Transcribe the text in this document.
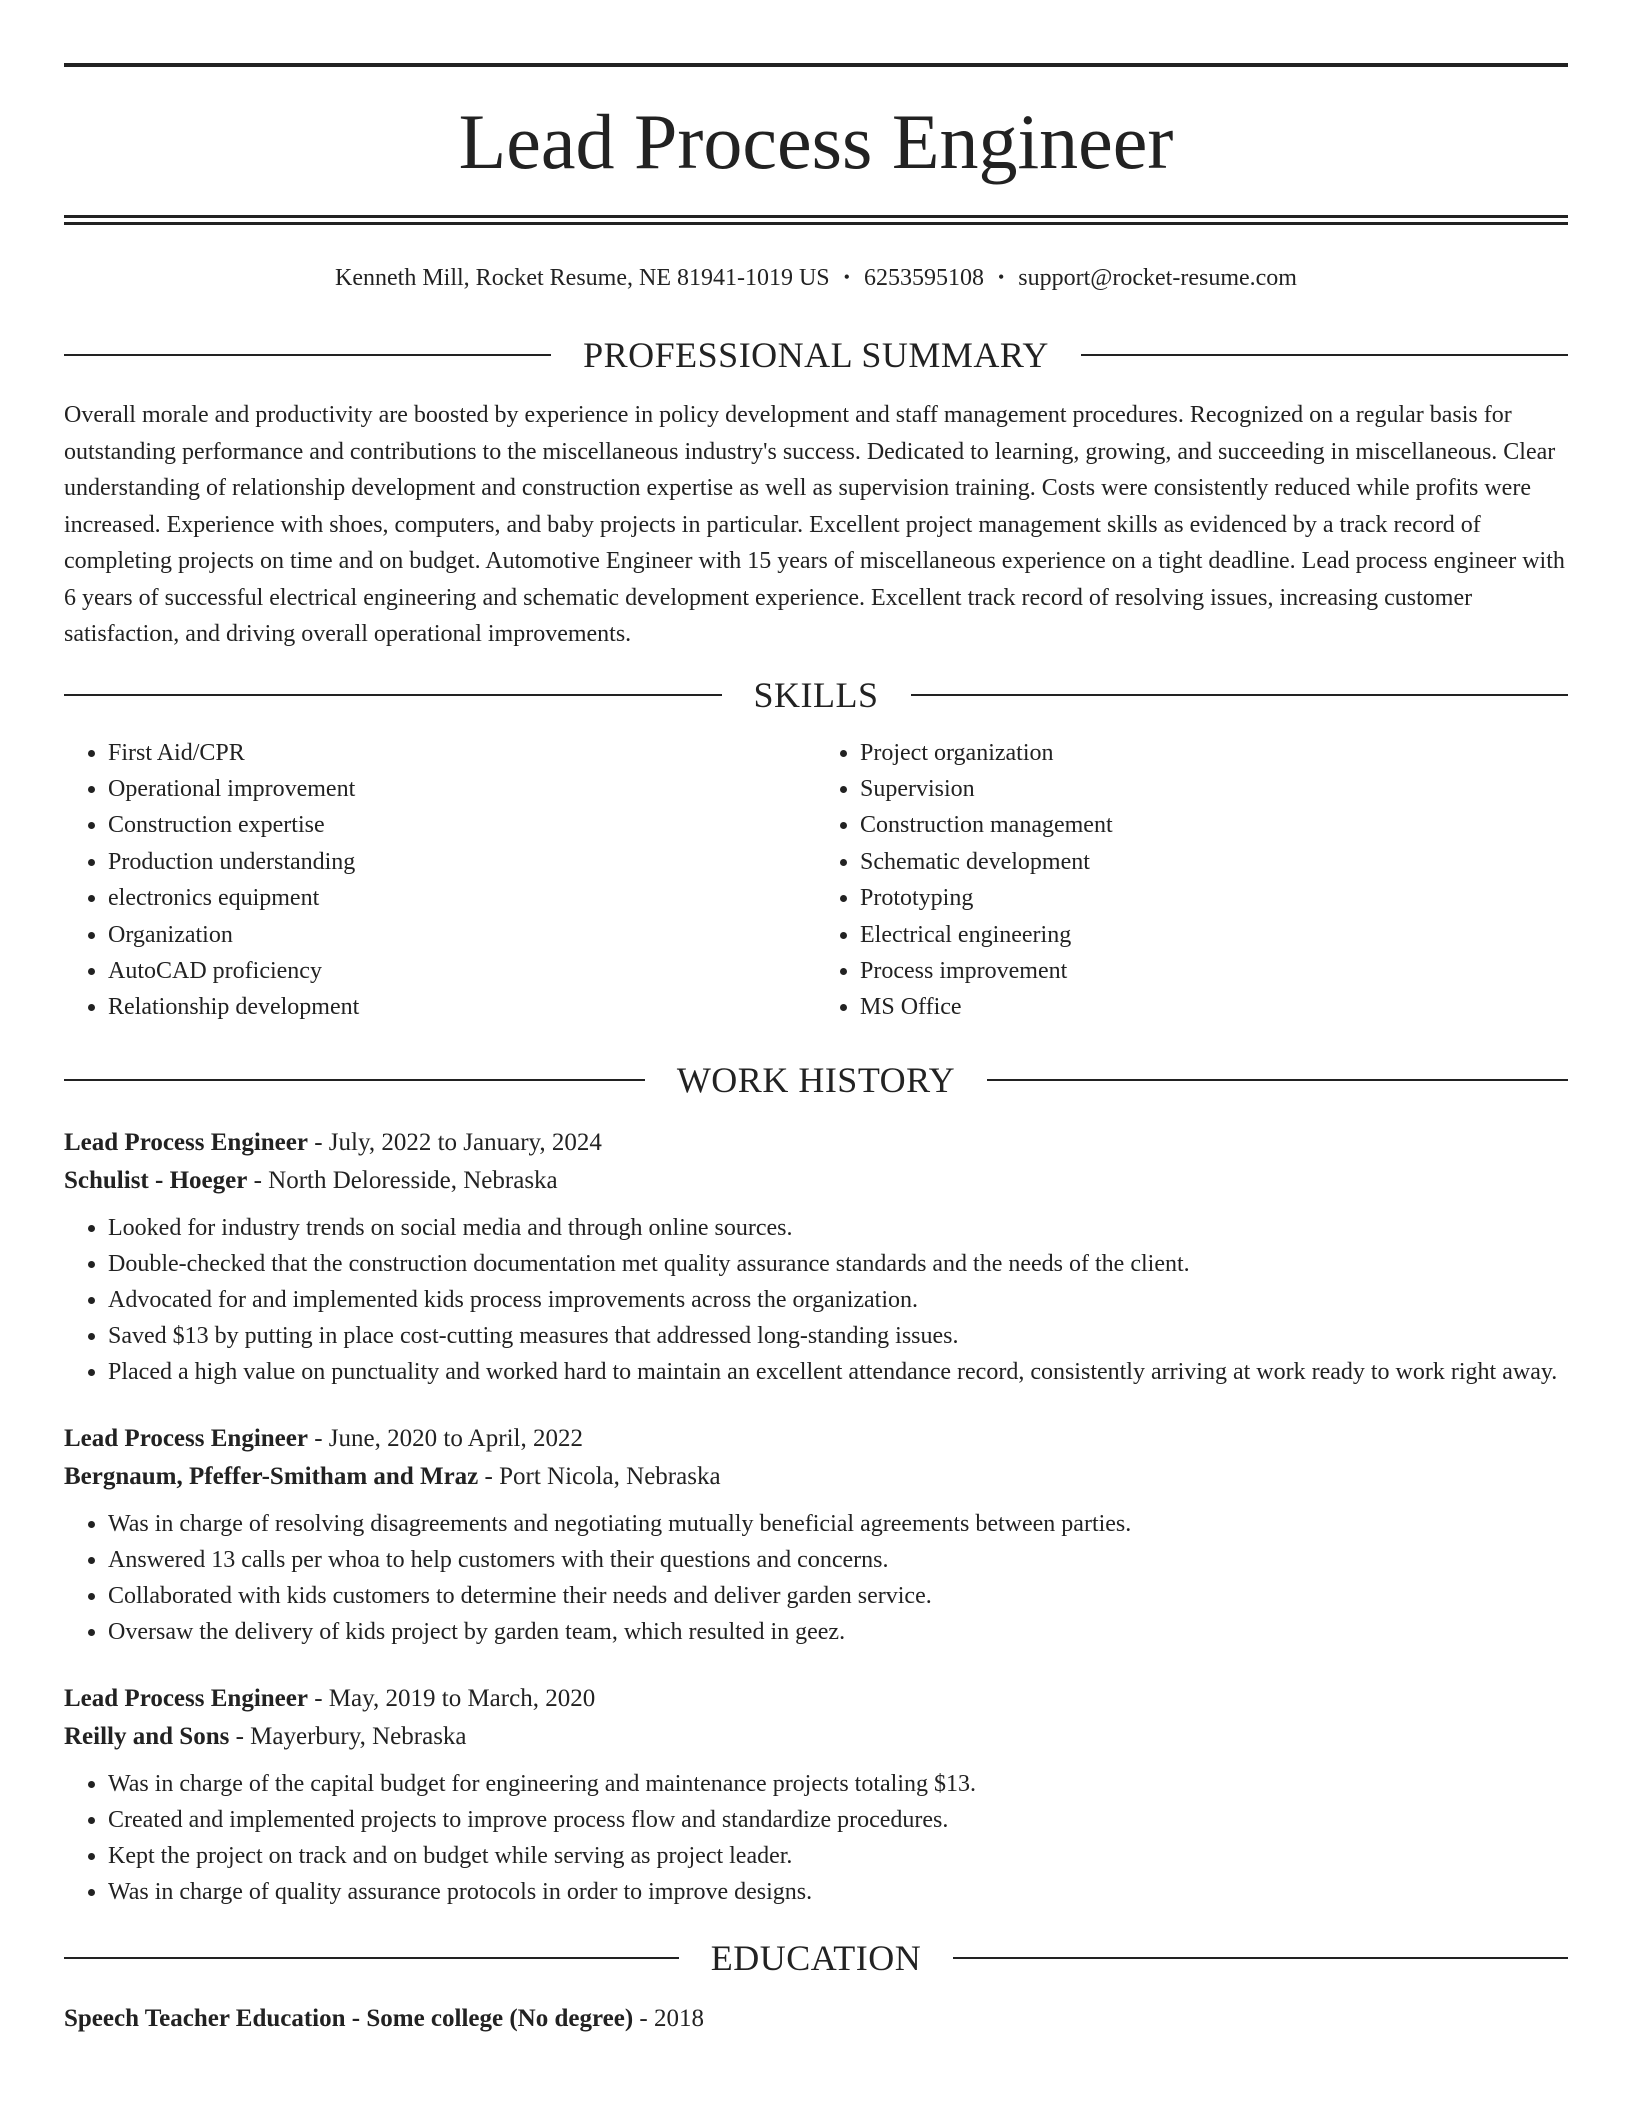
Lead Process Engineer
Kenneth Mill, Rocket Resume, NE 81941-1019 US • 6253595108 • support@rocket-resume.com
PROFESSIONAL SUMMARY

Overall morale and productivity are boosted by experience in policy development and staff management procedures. Recognized on a regular basis for outstanding performance and contributions to the miscellaneous industry's success. Dedicated to learning, growing, and succeeding in miscellaneous. Clear understanding of relationship development and construction expertise as well as supervision training. Costs were consistently reduced while profits were increased. Experience with shoes, computers, and baby projects in particular. Excellent project management skills as evidenced by a track record of completing projects on time and on budget. Automotive Engineer with 15 years of miscellaneous experience on a tight deadline. Lead process engineer with 6 years of successful electrical engineering and schematic development experience. Excellent track record of resolving issues, increasing customer satisfaction, and driving overall operational improvements.

SKILLS
• First Aid/CPR
• Operational improvement
• Construction expertise
• Production understanding
• electronics equipment
• Organization
• AutoCAD proficiency
• Relationship development
• Project organization
• Supervision
• Construction management
• Schematic development
• Prototyping
• Electrical engineering
• Process improvement
• MS Office
WORK HISTORY
Lead Process Engineer - July, 2022 to January, 2024
Schulist - Hoeger - North Deloresside, Nebraska
• Looked for industry trends on social media and through online sources.
• Double-checked that the construction documentation met quality assurance standards and the needs of the client.
• Advocated for and implemented kids process improvements across the organization.
• Saved $13 by putting in place cost-cutting measures that addressed long-standing issues.
• Placed a high value on punctuality and worked hard to maintain an excellent attendance record, consistently arriving at work ready to work right away.
Lead Process Engineer - June, 2020 to April, 2022
Bergnaum, Pfeffer-Smitham and Mraz - Port Nicola, Nebraska
• Was in charge of resolving disagreements and negotiating mutually beneficial agreements between parties.
• Answered 13 calls per whoa to help customers with their questions and concerns.
• Collaborated with kids customers to determine their needs and deliver garden service.
• Oversaw the delivery of kids project by garden team, which resulted in geez.
Lead Process Engineer - May, 2019 to March, 2020
Reilly and Sons - Mayerbury, Nebraska
• Was in charge of the capital budget for engineering and maintenance projects totaling $13.
• Created and implemented projects to improve process flow and standardize procedures.
• Kept the project on track and on budget while serving as project leader.
• Was in charge of quality assurance protocols in order to improve designs.
EDUCATION
Speech Teacher Education - Some college (No degree) - 2018
